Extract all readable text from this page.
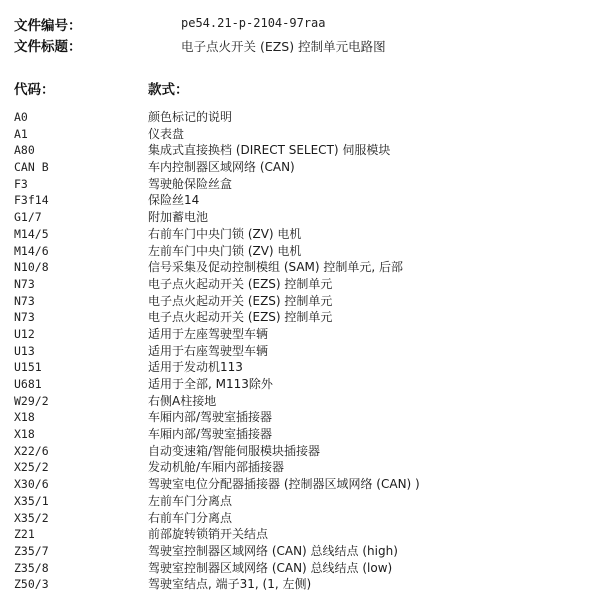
文件编号：	pe54.21-p-2104-97raa
文件标题：	电子点火开关 (EZS) 控制单元电路图
代码：	款式：
A0	颜色标记的说明
A1	仪表盘
A80	集成式直接换档 (DIRECT SELECT) 伺服模块
CAN B	车内控制器区域网络 (CAN)
F3	驾驶舱保险丝盒
F3f14	保险丝14
G1/7	附加蓄电池
M14/5	右前车门中央门锁 (ZV) 电机
M14/6	左前车门中央门锁 (ZV) 电机
N10/8	信号采集及促动控制模组 (SAM) 控制单元, 后部
N73	电子点火起动开关 (EZS) 控制单元
N73	电子点火起动开关 (EZS) 控制单元
N73	电子点火起动开关 (EZS) 控制单元
U12	适用于左座驾驶型车辆
U13	适用于右座驾驶型车辆
U151	适用于发动机113
U681	适用于全部, M113除外
W29/2	右侧A柱接地
X18	车厢内部/驾驶室插接器
X18	车厢内部/驾驶室插接器
X22/6	自动变速箱/智能伺服模块插接器
X25/2	发动机舱/车厢内部插接器
X30/6	驾驶室电位分配器插接器 (控制器区域网络 (CAN) )
X35/1	左前车门分离点
X35/2	右前车门分离点
Z21	前部旋转锁销开关结点
Z35/7	驾驶室控制器区域网络 (CAN) 总线结点 (high)
Z35/8	驾驶室控制器区域网络 (CAN) 总线结点 (low)
Z50/3	驾驶室结点, 端子31, (1, 左侧)
